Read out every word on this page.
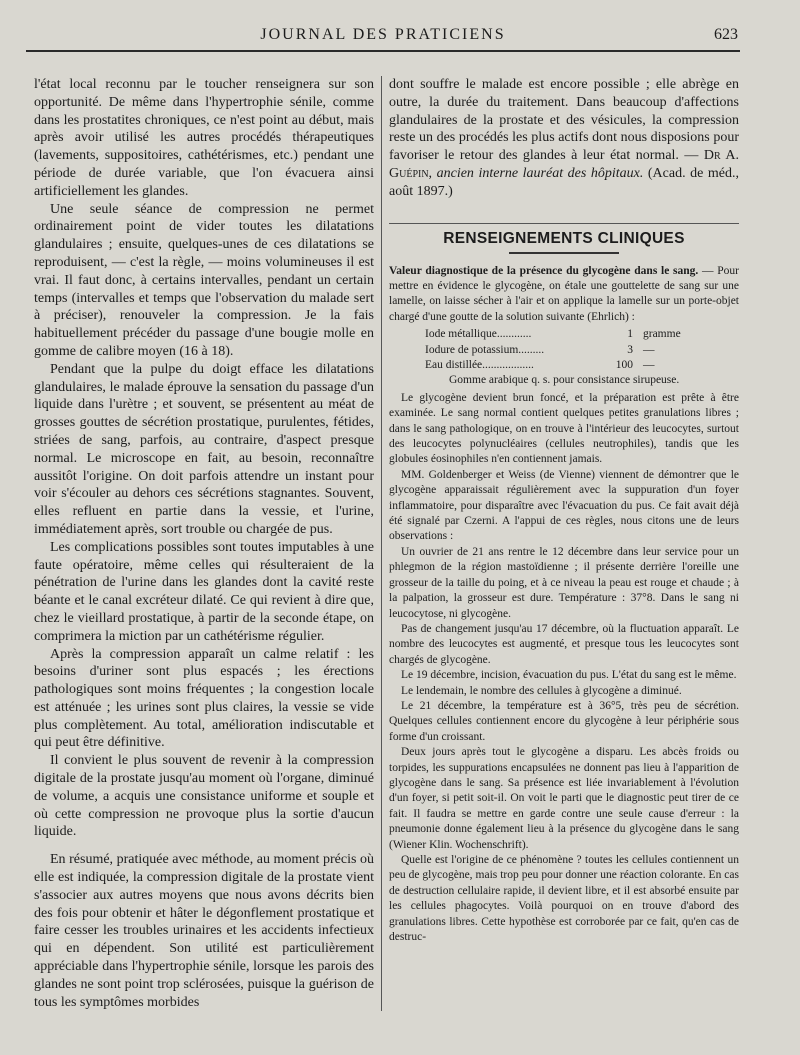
JOURNAL DES PRATICIENS	623

l'état local reconnu par le toucher renseignera sur son opportunité. De même dans l'hypertrophie sénile, comme dans les prostatites chroniques, ce n'est point au début, mais après avoir utilisé les autres procédés thérapeutiques (lavements, suppositoires, cathétérismes, etc.) pendant une période de durée variable, que l'on évacuera ainsi artificiellement les glandes.

Une seule séance de compression ne permet ordinairement point de vider toutes les dilatations glandulaires ; ensuite, quelques-unes de ces dilatations se reproduisent, — c'est la règle, — moins volumineuses il est vrai. Il faut donc, à certains intervalles, pendant un certain temps (intervalles et temps que l'observation du malade sert à préciser), renouveler la compression. Je la fais habituellement précéder du passage d'une bougie molle en gomme de calibre moyen (16 à 18).

Pendant que la pulpe du doigt efface les dilatations glandulaires, le malade éprouve la sensation du passage d'un liquide dans l'urètre ; et souvent, se présentent au méat de grosses gouttes de sécrétion prostatique, purulentes, fétides, striées de sang, parfois, au contraire, d'aspect presque normal. Le microscope en fait, au besoin, reconnaître aussitôt l'origine. On doit parfois attendre un instant pour voir s'écouler au dehors ces sécrétions stagnantes. Souvent, elles refluent en partie dans la vessie, et l'urine, immédiatement après, sort trouble ou chargée de pus.

Les complications possibles sont toutes imputables à une faute opératoire, même celles qui résulteraient de la pénétration de l'urine dans les glandes dont la cavité reste béante et le canal excréteur dilaté. Ce qui revient à dire que, chez le vieillard prostatique, à partir de la seconde étape, on comprimera la miction par un cathétérisme régulier.

Après la compression apparaît un calme relatif : les besoins d'uriner sont plus espacés ; les érections pathologiques sont moins fréquentes ; la congestion locale est atténuée ; les urines sont plus claires, la vessie se vide plus complètement. Au total, amélioration indiscutable et qui peut être définitive.

Il convient le plus souvent de revenir à la compression digitale de la prostate jusqu'au moment où l'organe, diminué de volume, a acquis une consistance uniforme et souple et où cette compression ne provoque plus la sortie d'aucun liquide.

En résumé, pratiquée avec méthode, au moment précis où elle est indiquée, la compression digitale de la prostate vient s'associer aux autres moyens que nous avons décrits bien des fois pour obtenir et hâter le dégonflement prostatique et faire cesser les troubles urinaires et les accidents infectieux qui en dépendent. Son utilité est particulièrement appréciable dans l'hypertrophie sénile, lorsque les parois des glandes ne sont point trop sclérosées, puisque la guérison de tous les symptômes morbides

dont souffre le malade est encore possible ; elle abrège en outre, la durée du traitement. Dans beaucoup d'affections glandulaires de la prostate et des vésicules, la compression reste un des procédés les plus actifs dont nous disposions pour favoriser le retour des glandes à leur état normal. — Dr A. Guépin, ancien interne lauréat des hôpitaux. (Acad. de méd., août 1897.)

RENSEIGNEMENTS CLINIQUES

Valeur diagnostique de la présence du glycogène dans le sang. — Pour mettre en évidence le glycogène, on étale une gouttelette de sang sur une lamelle, on laisse sécher à l'air et on applique la lamelle sur un porte-objet chargé d'une goutte de la solution suivante (Ehrlich) :

Iode métallique............	1 gramme
Iodure de potassium.........	3 —
Eau distillée..................	100 —
Gomme arabique q. s. pour consistance sirupeuse.

Le glycogène devient brun foncé, et la préparation est prête à être examinée. Le sang normal contient quelques petites granulations libres ; dans le sang pathologique, on en trouve à l'intérieur des leucocytes, surtout des leucocytes polynucléaires (cellules neutrophiles), tandis que les globules éosinophiles n'en contiennent jamais.

MM. Goldenberger et Weiss (de Vienne) viennent de démontrer que le glycogène apparaissait régulièrement avec la suppuration d'un foyer inflammatoire, pour disparaître avec l'évacuation du pus. Ce fait avait déjà été signalé par Czerni. A l'appui de ces règles, nous citons une de leurs observations :

Un ouvrier de 21 ans rentre le 12 décembre dans leur service pour un phlegmon de la région mastoïdienne ; il présente derrière l'oreille une grosseur de la taille du poing, et à ce niveau la peau est rouge et chaude ; à la palpation, la grosseur est dure. Température : 37°8. Dans le sang ni leucocytose, ni glycogène.

Pas de changement jusqu'au 17 décembre, où la fluctuation apparaît. Le nombre des leucocytes est augmenté, et presque tous les leucocytes sont chargés de glycogène.

Le 19 décembre, incision, évacuation du pus. L'état du sang est le même.

Le lendemain, le nombre des cellules à glycogène a diminué.

Le 21 décembre, la température est à 36°5, très peu de sécrétion. Quelques cellules contiennent encore du glycogène à leur périphérie sous forme d'un croissant.

Deux jours après tout le glycogène a disparu. Les abcès froids ou torpides, les suppurations encapsulées ne donnent pas lieu à l'apparition de glycogène dans le sang. Sa présence est liée invariablement à l'évolution d'un foyer, si petit soit-il. On voit le parti que le diagnostic peut tirer de ce fait. Il faudra se mettre en garde contre une seule cause d'erreur : la pneumonie donne également lieu à la présence du glycogène dans le sang (Wiener Klin. Wochenschrift).

Quelle est l'origine de ce phénomène ? toutes les cellules contiennent un peu de glycogène, mais trop peu pour donner une réaction colorante. En cas de destruction cellulaire rapide, il devient libre, et il est absorbé ensuite par les cellules phagocytes. Voilà pourquoi on en trouve d'abord des granulations libres. Cette hypothèse est corroborée par ce fait, qu'en cas de destruc-
